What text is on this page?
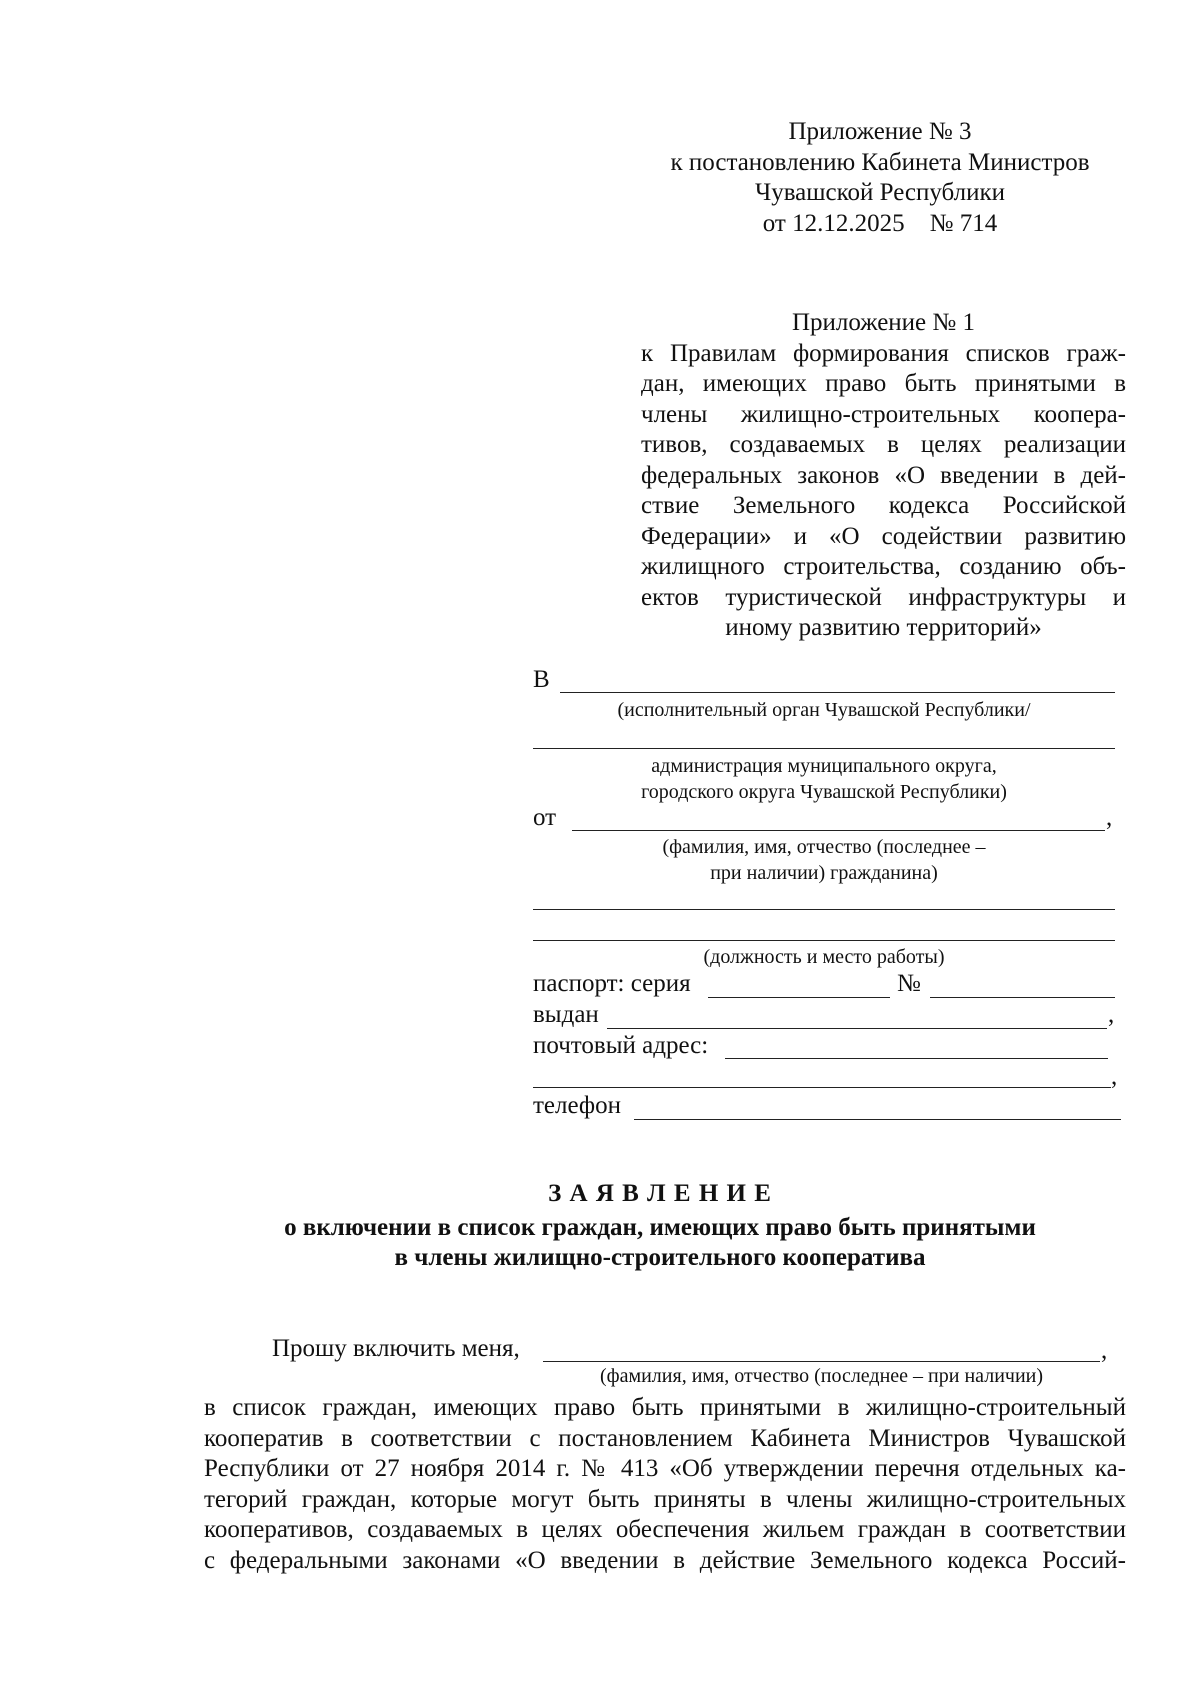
Приложение № 3
к постановлению Кабинета Министров
Чувашской Республики
от 12.12.2025    № 714
Приложение № 1
к Правилам формирования списков граж-
дан, имеющих право быть принятыми в
члены жилищно-строительных коопера-
тивов, создаваемых в целях реализации
федеральных законов «О введении в дей-
ствие Земельного кодекса Российской
Федерации» и «О содействии развитию
жилищного строительства, созданию объ-
ектов туристической инфраструктуры и
иному развитию территорий»
В
(исполнительный орган Чувашской Республики/
администрация муниципального округа,
городского округа Чувашской Республики)
от	,
(фамилия, имя, отчество (последнее –
при наличии) гражданина)
(должность и место работы)
паспорт: серия	№
выдан	,
почтовый адрес:
,
телефон
З А Я В Л Е Н И Е
о включении в список граждан, имеющих право быть принятыми
в члены жилищно-строительного кооператива
Прошу включить меня,	,
(фамилия, имя, отчество (последнее – при наличии)
в список граждан, имеющих право быть принятыми в жилищно-строительный
кооператив в соответствии с постановлением Кабинета Министров Чувашской
Республики от 27 ноября 2014 г. № 413 «Об утверждении перечня отдельных ка-
тегорий граждан, которые могут быть приняты в члены жилищно-строительных
кооперативов, создаваемых в целях обеспечения жильем граждан в соответствии
с федеральными законами «О введении в действие Земельного кодекса Россий-
